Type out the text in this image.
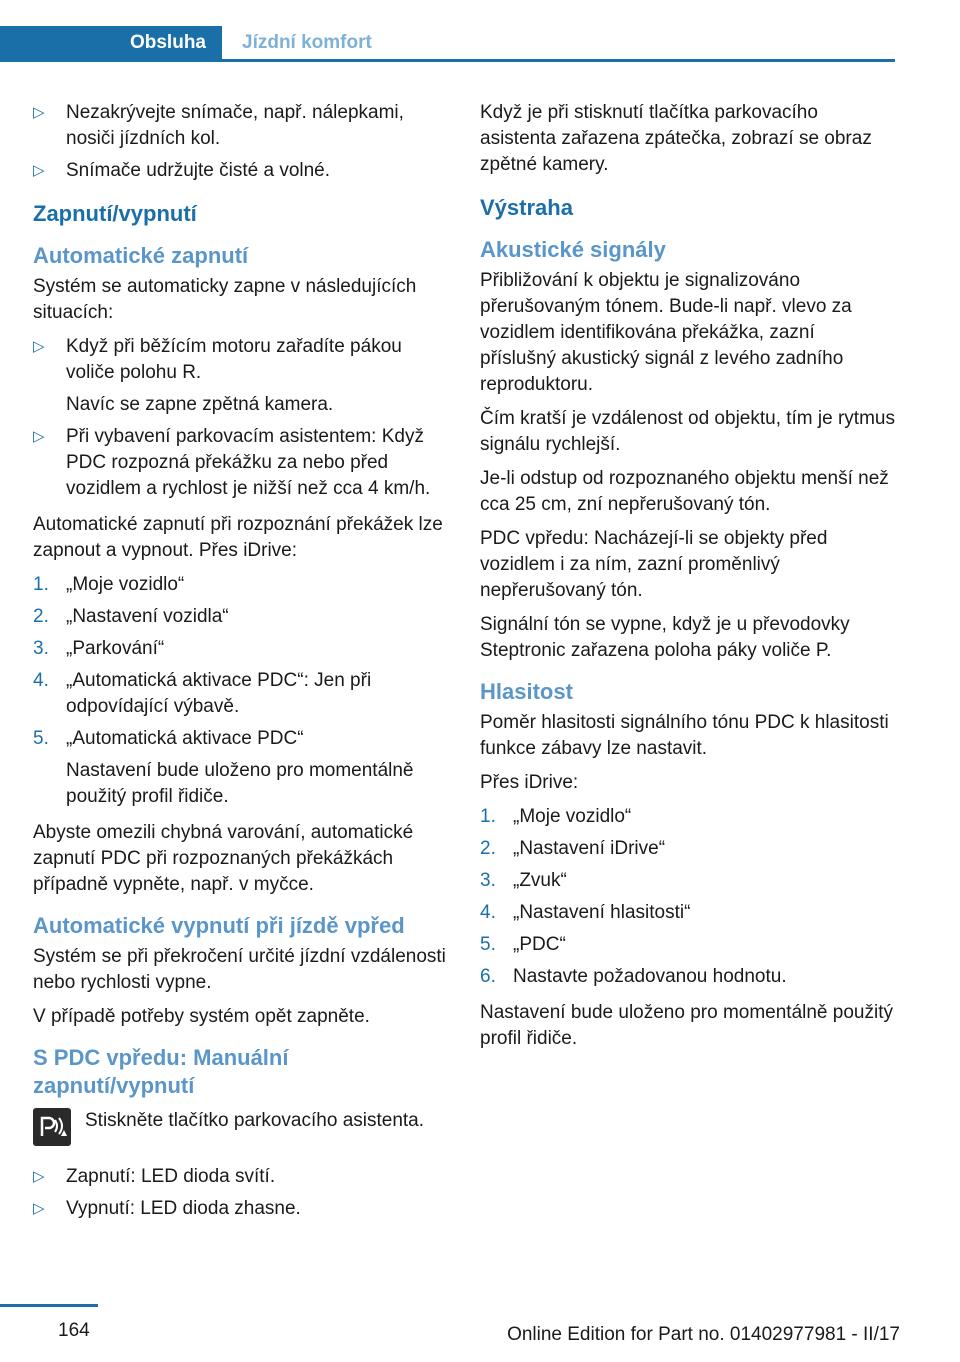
Obsluha	Jízdní komfort
▷ Nezakrývejte snímače, např. nálepkami, nosiči jízdních kol.
▷ Snímače udržujte čisté a volné.
Zapnutí/vypnutí
Automatické zapnutí

Systém se automaticky zapne v následujících situacích:

▷ Když při běžícím motoru zařadíte pákou voliče polohu R.
Navíc se zapne zpětná kamera.
▷ Při vybavení parkovacím asistentem: Když PDC rozpozná překážku za nebo před vozidlem a rychlost je nižší než cca 4 km/h.

Automatické zapnutí při rozpoznání překážek lze zapnout a vypnout. Přes iDrive:

1. „Moje vozidlo“
2. „Nastavení vozidla“
3. „Parkování“
4. „Automatická aktivace PDC“: Jen při odpovídající výbavě.
5. „Automatická aktivace PDC“
Nastavení bude uloženo pro momentálně použitý profil řidiče.

Abyste omezili chybná varování, automatické zapnutí PDC při rozpoznaných překážkách případně vypněte, např. v myčce.

Automatické vypnutí při jízdě vpřed

Systém se při překročení určité jízdní vzdálenosti nebo rychlosti vypne.

V případě potřeby systém opět zapněte.

S PDC vpředu: Manuální zapnutí/vypnutí
Stiskněte tlačítko parkovacího asistenta.
▷ Zapnutí: LED dioda svítí.
▷ Vypnutí: LED dioda zhasne.

Když je při stisknutí tlačítka parkovacího asistenta zařazena zpátečka, zobrazí se obraz zpětné kamery.

Výstraha
Akustické signály

Přibližování k objektu je signalizováno přerušovaným tónem. Bude-li např. vlevo za vozidlem identifikována překážka, zazní příslušný akustický signál z levého zadního reproduktoru.

Čím kratší je vzdálenost od objektu, tím je rytmus signálu rychlejší.

Je-li odstup od rozpoznaného objektu menší než cca 25 cm, zní nepřerušovaný tón.

PDC vpředu: Nacházejí-li se objekty před vozidlem i za ním, zazní proměnlivý nepřerušovaný tón.

Signální tón se vypne, když je u převodovky Steptronic zařazena poloha páky voliče P.

Hlasitost

Poměr hlasitosti signálního tónu PDC k hlasitosti funkce zábavy lze nastavit.

Přes iDrive:

1. „Moje vozidlo“
2. „Nastavení iDrive“
3. „Zvuk“
4. „Nastavení hlasitosti“
5. „PDC“
6. Nastavte požadovanou hodnotu.

Nastavení bude uloženo pro momentálně použitý profil řidiče.

164	Online Edition for Part no. 01402977981 - II/17
